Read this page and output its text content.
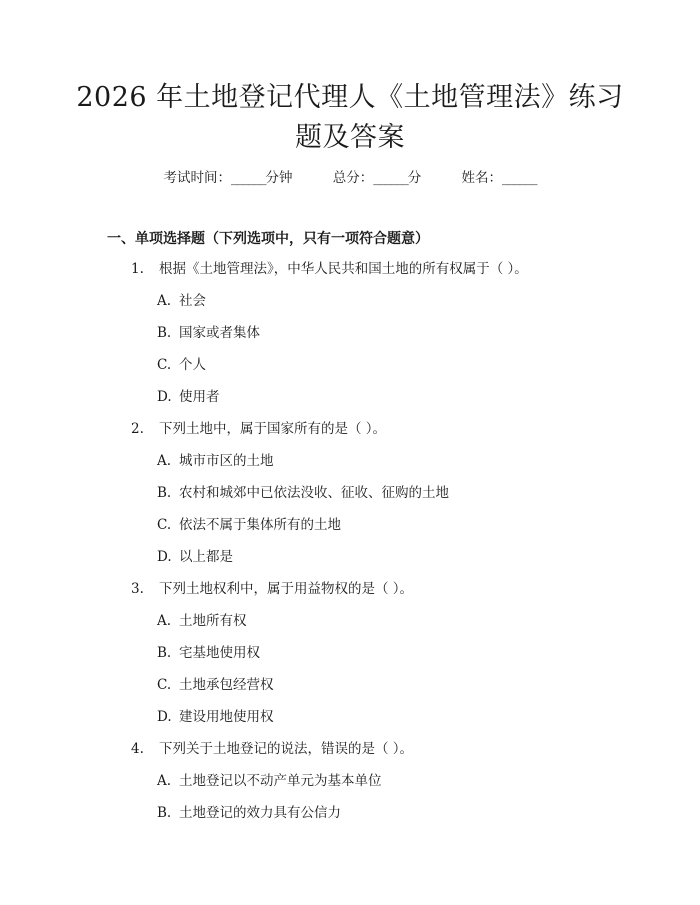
2026 年土地登记代理人《土地管理法》练习
题及答案
考试时间：______分钟	总分：______分	姓名：______
一、单项选择题（下列选项中，只有一项符合题意）
1. 根据《土地管理法》，中华人民共和国土地的所有权属于（ ）。
A. 社会
B. 国家或者集体
C. 个人
D. 使用者
2. 下列土地中，属于国家所有的是（ ）。
A. 城市市区的土地
B. 农村和城郊中已依法没收、征收、征购的土地
C. 依法不属于集体所有的土地
D. 以上都是
3. 下列土地权利中，属于用益物权的是（ ）。
A. 土地所有权
B. 宅基地使用权
C. 土地承包经营权
D. 建设用地使用权
4. 下列关于土地登记的说法，错误的是（ ）。
A. 土地登记以不动产单元为基本单位
B. 土地登记的效力具有公信力
